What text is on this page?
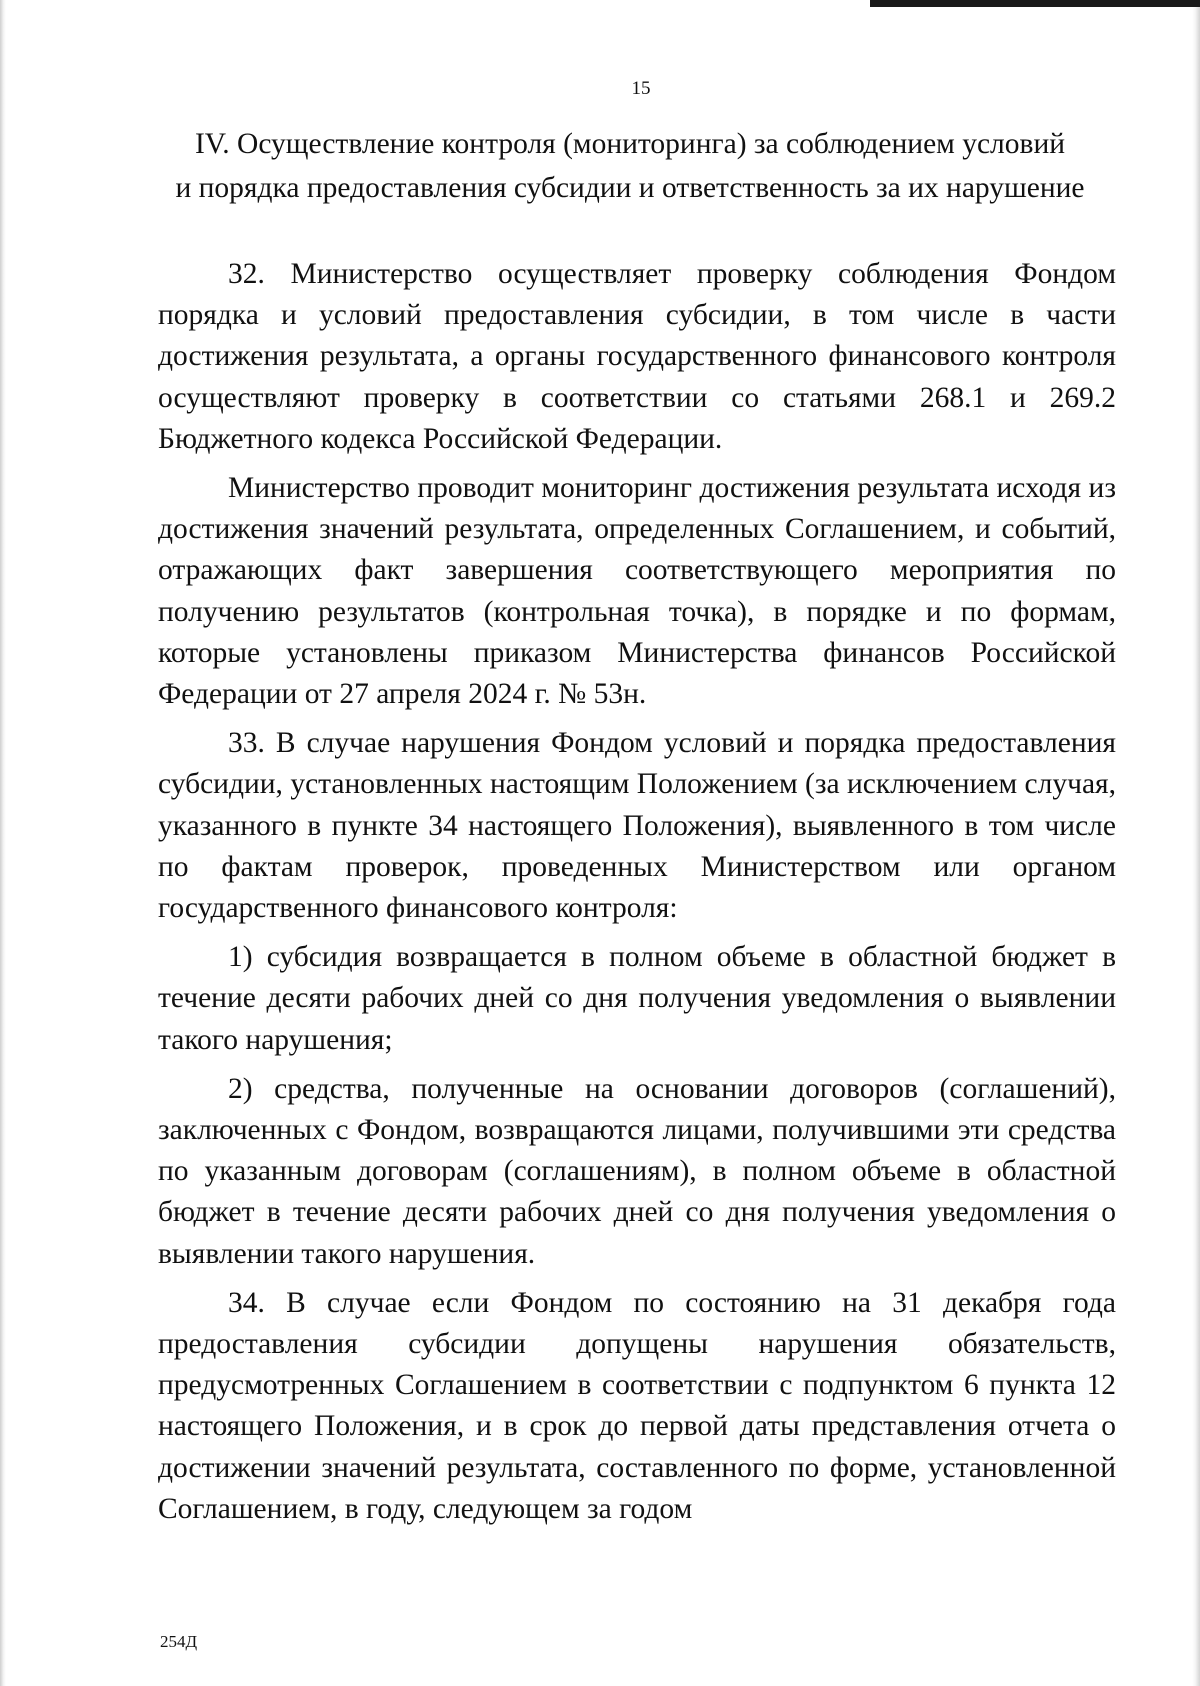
15
IV. Осуществление контроля (мониторинга) за соблюдением условий
и порядка предоставления субсидии и ответственность за их нарушение

32. Министерство осуществляет проверку соблюдения Фондом порядка и условий предоставления субсидии, в том числе в части достижения результата, а органы государственного финансового контроля осуществляют проверку в соответствии со статьями 268.1 и 269.2 Бюджетного кодекса Российской Федерации.

Министерство проводит мониторинг достижения результата исходя из достижения значений результата, определенных Соглашением, и событий, отражающих факт завершения соответствующего мероприятия по получению результатов (контрольная точка), в порядке и по формам, которые установлены приказом Министерства финансов Российской Федерации от 27 апреля 2024 г. № 53н.

33. В случае нарушения Фондом условий и порядка предоставления субсидии, установленных настоящим Положением (за исключением случая, указанного в пункте 34 настоящего Положения), выявленного в том числе по фактам проверок, проведенных Министерством или органом государственного финансового контроля:

1) субсидия возвращается в полном объеме в областной бюджет в течение десяти рабочих дней со дня получения уведомления о выявлении такого нарушения;

2) средства, полученные на основании договоров (соглашений), заключенных с Фондом, возвращаются лицами, получившими эти средства по указанным договорам (соглашениям), в полном объеме в областной бюджет в течение десяти рабочих дней со дня получения уведомления о выявлении такого нарушения.

34. В случае если Фондом по состоянию на 31 декабря года предоставления субсидии допущены нарушения обязательств, предусмотренных Соглашением в соответствии с подпунктом 6 пункта 12 настоящего Положения, и в срок до первой даты представления отчета о достижении значений результата, составленного по форме, установленной Соглашением, в году, следующем за годом

254Д
